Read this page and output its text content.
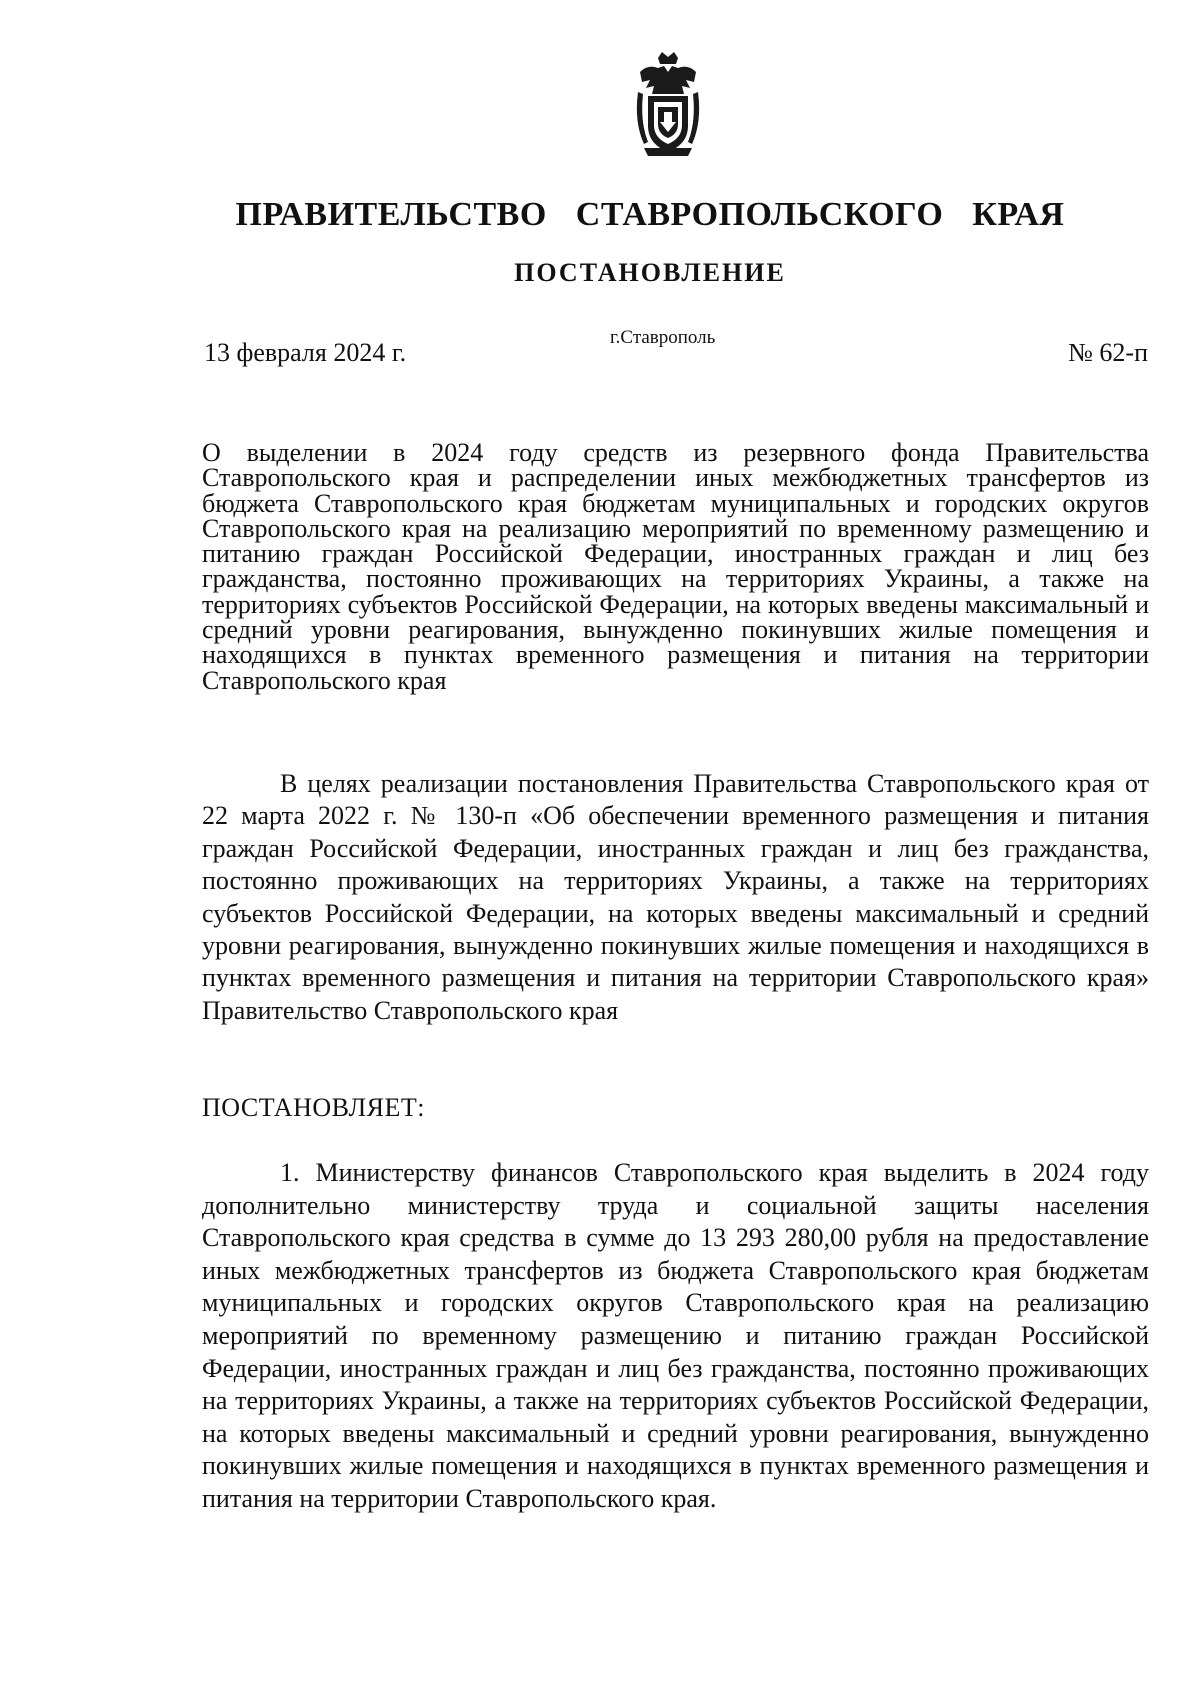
ПРАВИТЕЛЬСТВО СТАВРОПОЛЬСКОГО КРАЯ
ПОСТАНОВЛЕНИЕ
13 февраля 2024 г.
г.Ставрополь
№ 62-п

О выделении в 2024 году средств из резервного фонда Правительства Ставропольского края и распределении иных межбюджетных трансфертов из бюджета Ставропольского края бюджетам муниципальных и городских округов Ставропольского края на реализацию мероприятий по временному размещению и питанию граждан Российской Федерации, иностранных граждан и лиц без гражданства, постоянно проживающих на территориях Украины, а также на территориях субъектов Российской Федерации, на которых введены максимальный и средний уровни реагирования, вынужденно покинувших жилые помещения и находящихся в пунктах временного размещения и питания на территории Ставропольского края

В целях реализации постановления Правительства Ставропольского края от 22 марта 2022 г. № 130-п «Об обеспечении временного размещения и питания граждан Российской Федерации, иностранных граждан и лиц без гражданства, постоянно проживающих на территориях Украины, а также на территориях субъектов Российской Федерации, на которых введены максимальный и средний уровни реагирования, вынужденно покинувших жилые помещения и находящихся в пунктах временного размещения и питания на территории Ставропольского края» Правительство Ставропольского края

ПОСТАНОВЛЯЕТ:

1. Министерству финансов Ставропольского края выделить в 2024 году дополнительно министерству труда и социальной защиты населения Ставропольского края средства в сумме до 13 293 280,00 рубля на предоставление иных межбюджетных трансфертов из бюджета Ставропольского края бюджетам муниципальных и городских округов Ставропольского края на реализацию мероприятий по временному размещению и питанию граждан Российской Федерации, иностранных граждан и лиц без гражданства, постоянно проживающих на территориях Украины, а также на территориях субъектов Российской Федерации, на которых введены максимальный и средний уровни реагирования, вынужденно покинувших жилые помещения и находящихся в пунктах временного размещения и питания на территории Ставропольского края.
